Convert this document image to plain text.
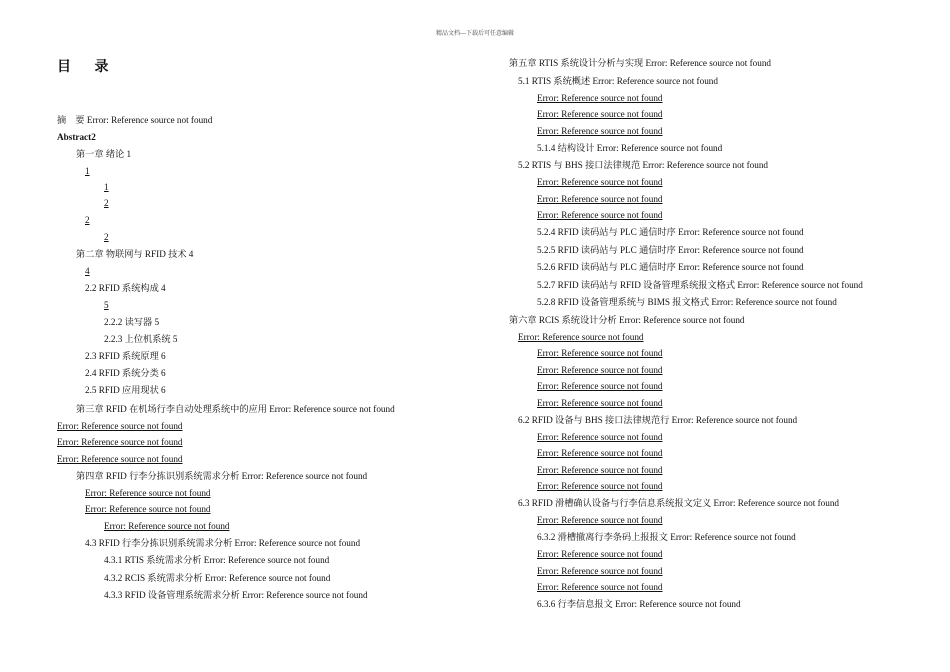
精品文档---下载后可任意编辑
目 录
摘　要 Error: Reference source not found
Abstract2
第一章 绪论 1
1
1
2
2
2
第二章 物联网与 RFID 技术 4
4
2.2 RFID 系统构成 4
5
2.2.2 读写器 5
2.2.3 上位机系统 5
2.3 RFID 系统原理 6
2.4 RFID 系统分类 6
2.5 RFID 应用现状 6
第三章 RFID 在机场行李自动处理系统中的应用 Error: Reference source not found
Error: Reference source not found
Error: Reference source not found
Error: Reference source not found
第四章 RFID 行李分拣识别系统需求分析 Error: Reference source not found
Error: Reference source not found
Error: Reference source not found
Error: Reference source not found
4.3 RFID 行李分拣识别系统需求分析 Error: Reference source not found
4.3.1 RTIS 系统需求分析 Error: Reference source not found
4.3.2 RCIS 系统需求分析 Error: Reference source not found
4.3.3 RFID 设备管理系统需求分析 Error: Reference source not found
第五章 RTIS 系统设计分析与实现 Error: Reference source not found
5.1 RTIS 系统概述 Error: Reference source not found
Error: Reference source not found
Error: Reference source not found
Error: Reference source not found
5.1.4 结构设计 Error: Reference source not found
5.2 RTIS 与 BHS 接口法律规范 Error: Reference source not found
Error: Reference source not found
Error: Reference source not found
Error: Reference source not found
5.2.4 RFID 读码站与 PLC 通信时序 Error: Reference source not found
5.2.5 RFID 读码站与 PLC 通信时序 Error: Reference source not found
5.2.6 RFID 读码站与 PLC 通信时序 Error: Reference source not found
5.2.7 RFID 读码站与 RFID 设备管理系统报文格式 Error: Reference source not found
5.2.8 RFID 设备管理系统与 BIMS 报文格式 Error: Reference source not found
第六章 RCIS 系统设计分析 Error: Reference source not found
Error: Reference source not found
Error: Reference source not found
Error: Reference source not found
Error: Reference source not found
Error: Reference source not found
6.2 RFID 设备与 BHS 接口法律规范行 Error: Reference source not found
Error: Reference source not found
Error: Reference source not found
Error: Reference source not found
Error: Reference source not found
6.3 RFID 滑槽确认设备与行李信息系统报文定义 Error: Reference source not found
Error: Reference source not found
6.3.2 滑槽撤离行李条码上报报文 Error: Reference source not found
Error: Reference source not found
Error: Reference source not found
Error: Reference source not found
6.3.6 行李信息报文 Error: Reference source not found
